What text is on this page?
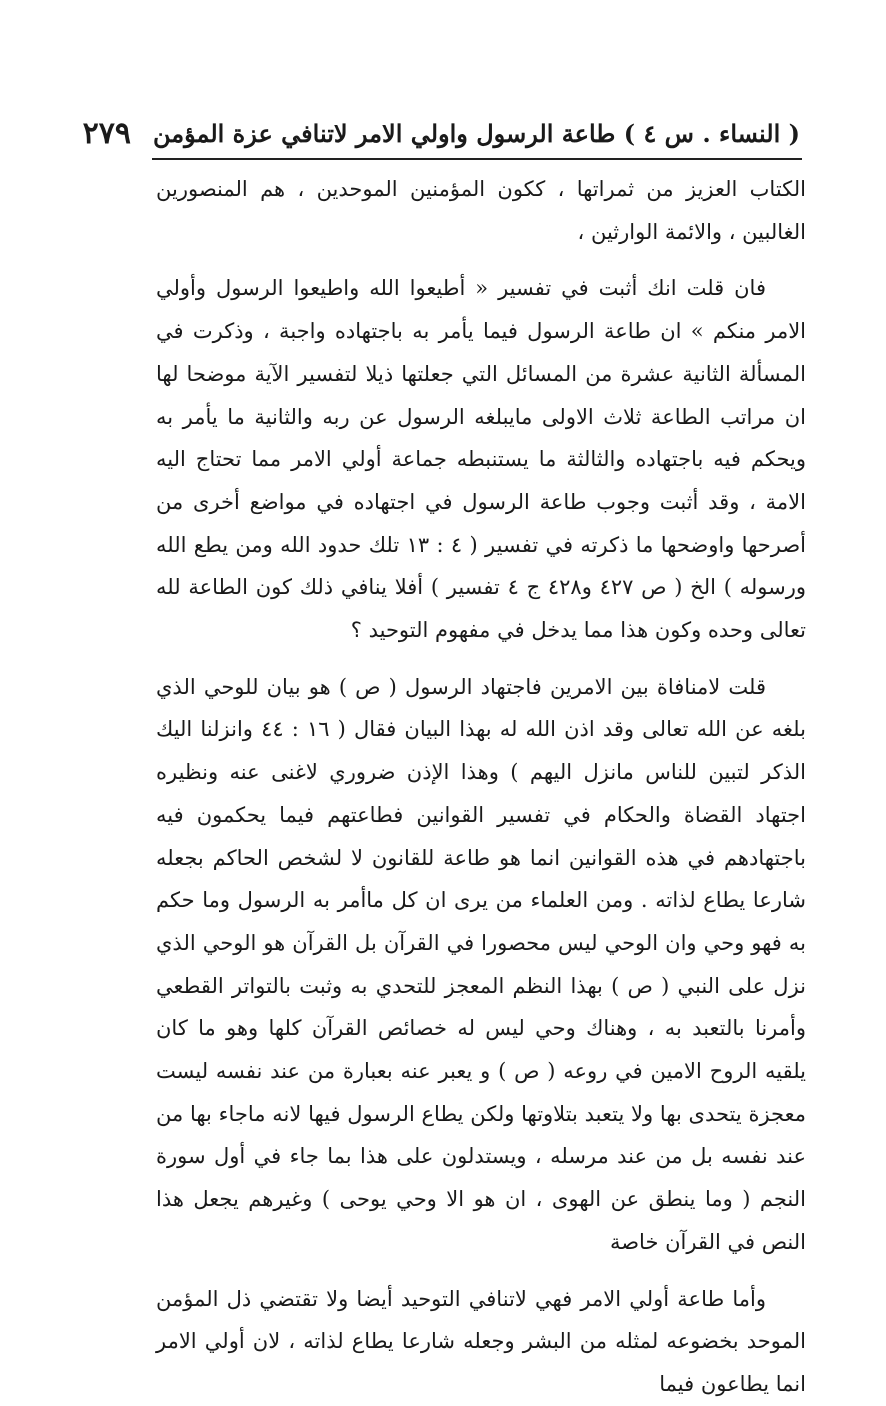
( النساء . س ٤ ) طاعة الرسول واولي الامر لاتنافي عزة المؤمن
٢٧٩

الكتاب العزيز من ثمراتها ، ككون المؤمنين الموحدين ، هم المنصورين الغالبين ، والائمة الوارثين ،

فان قلت انك أثبت في تفسير « أطيعوا الله واطيعوا الرسول وأولي الامر منكم » ان طاعة الرسول فيما يأمر به باجتهاده واجبة ، وذكرت في المسألة الثانية عشرة من المسائل التي جعلتها ذيلا لتفسير الآية موضحا لها ان مراتب الطاعة ثلاث الاولى مايبلغه الرسول عن ربه والثانية ما يأمر به ويحكم فيه باجتهاده والثالثة ما يستنبطه جماعة أولي الامر مما تحتاج اليه الامة ، وقد أثبت وجوب طاعة الرسول في اجتهاده في مواضع أخرى من أصرحها واوضحها ما ذكرته في تفسير ( ٤ : ١٣ تلك حدود الله ومن يطع الله ورسوله ) الخ ( ص ٤٢٧ و٤٢٨ ج ٤ تفسير ) أفلا ينافي ذلك كون الطاعة لله تعالى وحده وكون هذا مما يدخل في مفهوم التوحيد ؟

قلت لامنافاة بين الامرين فاجتهاد الرسول ( ص ) هو بيان للوحي الذي بلغه عن الله تعالى وقد اذن الله له بهذا البيان فقال ( ١٦ : ٤٤ وانزلنا اليك الذكر لتبين للناس مانزل اليهم ) وهذا الإذن ضروري لاغنى عنه ونظيره اجتهاد القضاة والحكام في تفسير القوانين فطاعتهم فيما يحكمون فيه باجتهادهم في هذه القوانين انما هو طاعة للقانون لا لشخص الحاكم بجعله شارعا يطاع لذاته . ومن العلماء من يرى ان كل ماأمر به الرسول وما حكم به فهو وحي وان الوحي ليس محصورا في القرآن بل القرآن هو الوحي الذي نزل على النبي ( ص ) بهذا النظم المعجز للتحدي به وثبت بالتواتر القطعي وأمرنا بالتعبد به ، وهناك وحي ليس له خصائص القرآن كلها وهو ما كان يلقيه الروح الامين في روعه ( ص ) و يعبر عنه بعبارة من عند نفسه ليست معجزة يتحدى بها ولا يتعبد بتلاوتها ولكن يطاع الرسول فيها لانه ماجاء بها من عند نفسه بل من عند مرسله ، ويستدلون على هذا بما جاء في أول سورة النجم ( وما ينطق عن الهوى ، ان هو الا وحي يوحى ) وغيرهم يجعل هذا النص في القرآن خاصة

وأما طاعة أولي الامر فهي لاتنافي التوحيد أيضا ولا تقتضي ذل المؤمن الموحد بخضوعه لمثله من البشر وجعله شارعا يطاع لذاته ، لان أولي الامر انما يطاعون فيما
